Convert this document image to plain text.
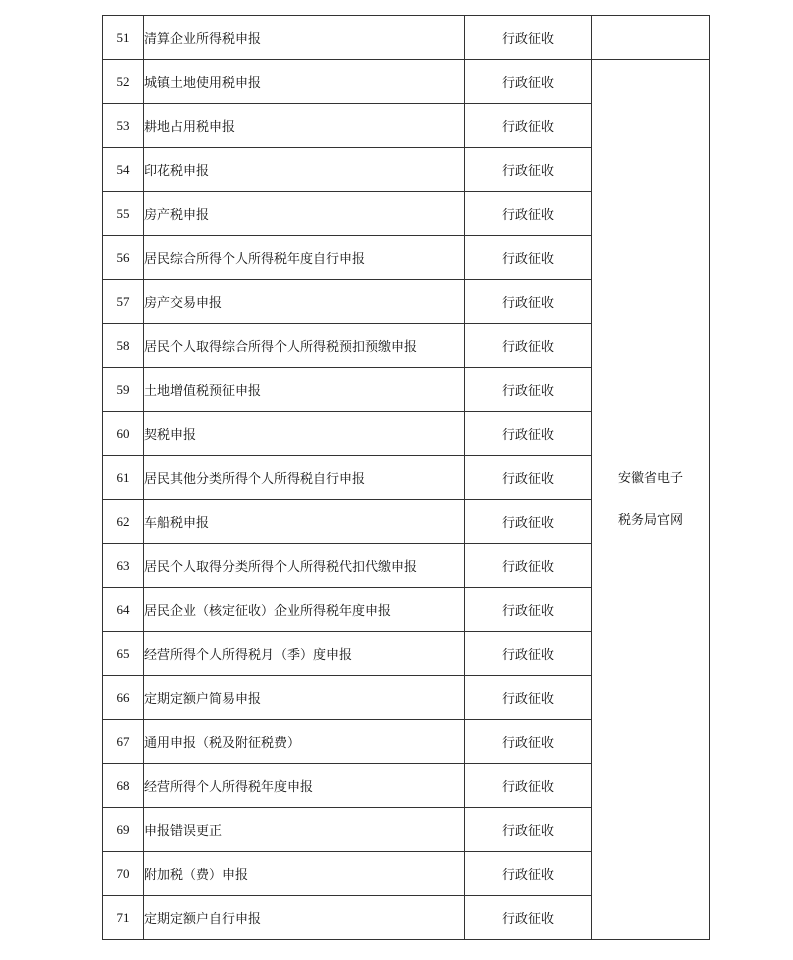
51	清算企业所得税申报	行政征收	
52	城镇土地使用税申报	行政征收	安徽省电子
税务局官网

53	耕地占用税申报	行政征收	
54	印花税申报	行政征收	
55	房产税申报	行政征收	
56	居民综合所得个人所得税年度自行申报	行政征收	
57	房产交易申报	行政征收	
58	居民个人取得综合所得个人所得税预扣预缴申报	行政征收	
59	土地增值税预征申报	行政征收	
60	契税申报	行政征收	
61	居民其他分类所得个人所得税自行申报	行政征收	
62	车船税申报	行政征收	
63	居民个人取得分类所得个人所得税代扣代缴申报	行政征收	
64	居民企业（核定征收）企业所得税年度申报	行政征收	
65	经营所得个人所得税月（季）度申报	行政征收	
66	定期定额户简易申报	行政征收	
67	通用申报（税及附征税费）	行政征收	
68	经营所得个人所得税年度申报	行政征收	
69	申报错误更正	行政征收	
70	附加税（费）申报	行政征收	
71	定期定额户自行申报	行政征收	
